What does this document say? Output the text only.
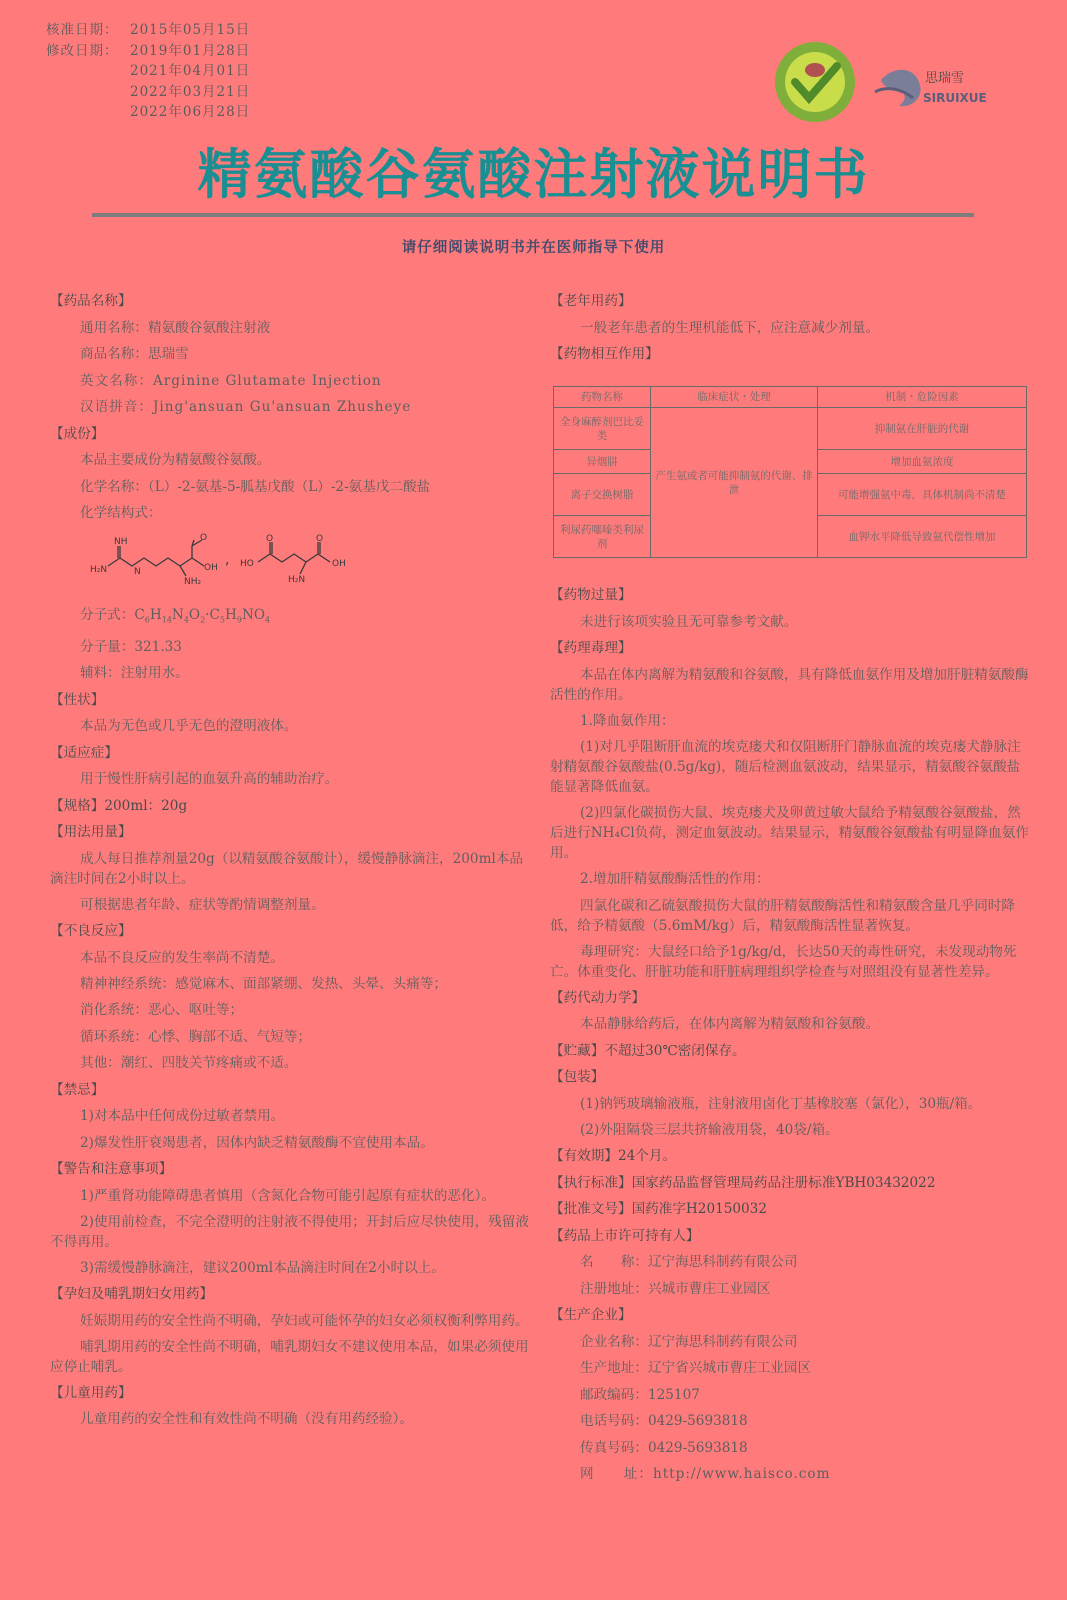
核准日期： 2015年05月15日
修改日期： 2019年01月28日
2021年04月01日
2022年03月21日
2022年06月28日
思瑞雪
SIRUIXUE
精氨酸谷氨酸注射液说明书
请仔细阅读说明书并在医师指导下使用
【药品名称】
通用名称：精氨酸谷氨酸注射液
商品名称：思瑞雪
英文名称：Arginine Glutamate Injection
汉语拼音：Jing'ansuan Gu'ansuan Zhusheye
【成份】
本品主要成份为精氨酸谷氨酸。
化学名称：（L）-2-氨基-5-胍基戊酸（L）-2-氨基戊二酸盐
化学结构式：
H₂N
NH
N	OH
O
NH₂
HO
O	O
OH
H₂N
,
分子式：$C_6H_{14}N_4O_2\cdot C_5H_9NO_4$
分子量：321.33
辅料：注射用水。
【性状】
本品为无色或几乎无色的澄明液体。
【适应症】
用于慢性肝病引起的血氨升高的辅助治疗。
【规格】200ml：20g
【用法用量】
成人每日推荐剂量20g（以精氨酸谷氨酸计），缓慢静脉滴注，200ml本品滴注时间在2小时以上。
可根据患者年龄、症状等酌情调整剂量。
【不良反应】
本品不良反应的发生率尚不清楚。
精神神经系统：感觉麻木、面部紧绷、发热、头晕、头痛等；
消化系统：恶心、呕吐等；
循环系统：心悸、胸部不适、气短等；
其他：潮红、四肢关节疼痛或不适。
【禁忌】
1)对本品中任何成份过敏者禁用。
2)爆发性肝衰竭患者，因体内缺乏精氨酸酶不宜使用本品。
【警告和注意事项】
1)严重肾功能障碍患者慎用（含氮化合物可能引起原有症状的恶化）。
2)使用前检查，不完全澄明的注射液不得使用；开封后应尽快使用，残留液不得再用。
3)需缓慢静脉滴注，建议200ml本品滴注时间在2小时以上。
【孕妇及哺乳期妇女用药】
妊娠期用药的安全性尚不明确，孕妇或可能怀孕的妇女必须权衡利弊用药。
哺乳期用药的安全性尚不明确，哺乳期妇女不建议使用本品，如果必须使用应停止哺乳。
【儿童用药】
儿童用药的安全性和有效性尚不明确（没有用药经验）。
【老年用药】
一般老年患者的生理机能低下，应注意减少剂量。
【药物相互作用】
药物名称	临床症状・处理	机制・危险因素
全身麻醉剂巴比妥类	产生氨或者可能抑制氨的代谢、排泄	抑制氨在肝脏的代谢
异烟肼		增加血氨浓度
离子交换树脂		可能增强氨中毒，具体机制尚不清楚
利尿药噻嗪类利尿剂		血钾水平降低导致氨代偿性增加
【药物过量】
未进行该项实验且无可靠参考文献。
【药理毒理】
本品在体内离解为精氨酸和谷氨酸，具有降低血氨作用及增加肝脏精氨酸酶活性的作用。
1.降血氨作用：
(1)对几乎阻断肝血流的埃克瘘犬和仅阻断肝门静脉血流的埃克瘘犬静脉注射精氨酸谷氨酸盐(0.5g/kg)，随后检测血氨波动，结果显示，精氨酸谷氨酸盐能显著降低血氨。
(2)四氯化碳损伤大鼠、埃克瘘犬及卵黄过敏大鼠给予精氨酸谷氨酸盐，然后进行NH₄Cl负荷，测定血氨波动。结果显示，精氨酸谷氨酸盐有明显降血氨作用。
2.增加肝精氨酸酶活性的作用：
四氯化碳和乙硫氨酸损伤大鼠的肝精氨酸酶活性和精氨酸含量几乎同时降低，给予精氨酸（5.6mM/kg）后，精氨酸酶活性显著恢复。
毒理研究：大鼠经口给予1g/kg/d，长达50天的毒性研究，未发现动物死亡。体重变化、肝脏功能和肝脏病理组织学检查与对照组没有显著性差异。
【药代动力学】
本品静脉给药后，在体内离解为精氨酸和谷氨酸。
【贮藏】不超过30℃密闭保存。
【包装】
(1)钠钙玻璃输液瓶，注射液用卤化丁基橡胶塞（氯化），30瓶/箱。
(2)外阻隔袋三层共挤输液用袋，40袋/箱。
【有效期】24个月。
【执行标准】国家药品监督管理局药品注册标准YBH03432022
【批准文号】国药准字H20150032
【药品上市许可持有人】
名　　称：辽宁海思科制药有限公司
注册地址：兴城市曹庄工业园区
【生产企业】
企业名称：辽宁海思科制药有限公司
生产地址：辽宁省兴城市曹庄工业园区
邮政编码：125107
电话号码：0429-5693818
传真号码：0429-5693818
网　　址：http://www.haisco.com
